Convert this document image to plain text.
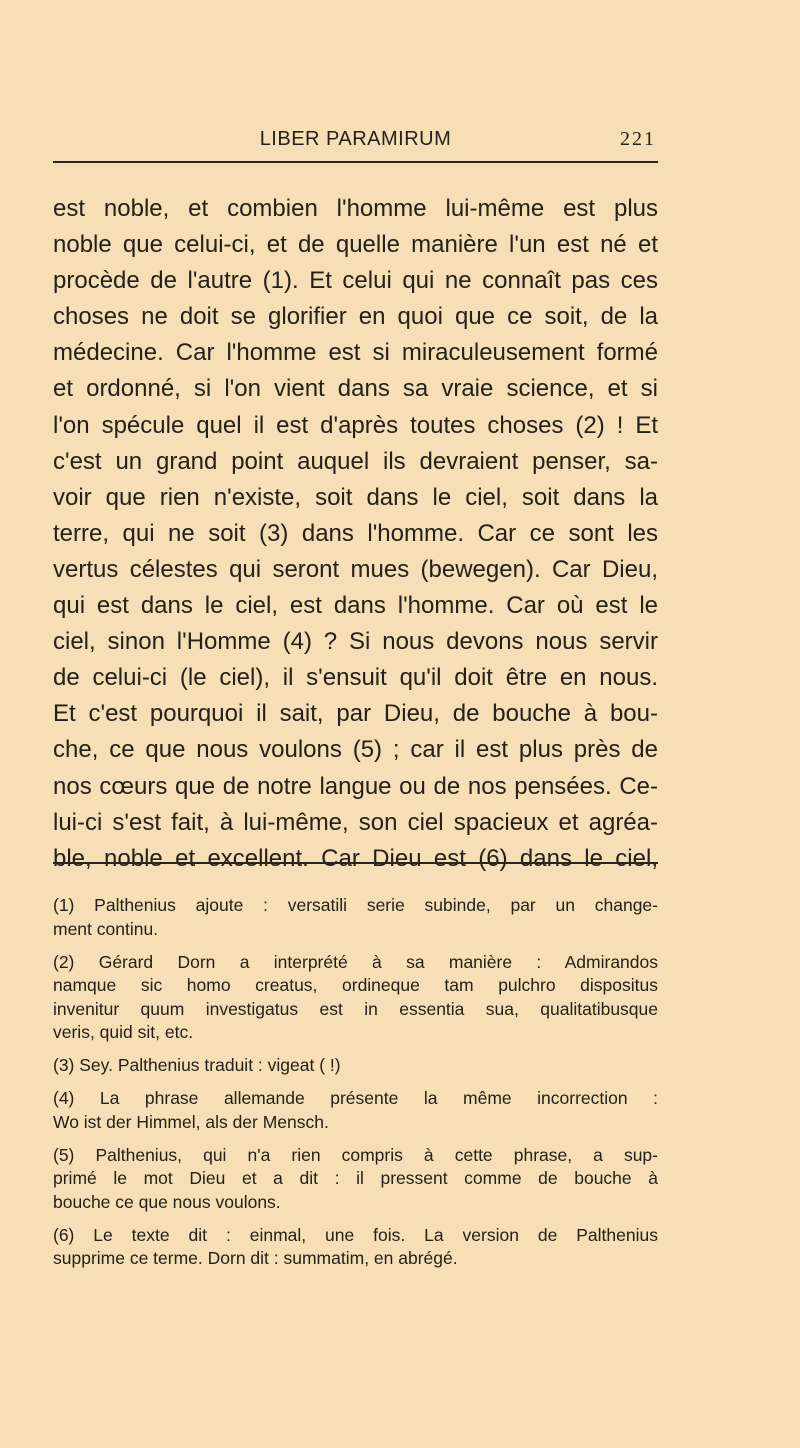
LIBER PARAMIRUM	221
est noble, et combien l'homme lui-même est plus
noble que celui-ci, et de quelle manière l'un est né et
procède de l'autre (1). Et celui qui ne connaît pas ces
choses ne doit se glorifier en quoi que ce soit, de la
médecine. Car l'homme est si miraculeusement formé
et ordonné, si l'on vient dans sa vraie science, et si
l'on spécule quel il est d'après toutes choses (2) ! Et
c'est un grand point auquel ils devraient penser, sa-
voir que rien n'existe, soit dans le ciel, soit dans la
terre, qui ne soit (3) dans l'homme. Car ce sont les
vertus célestes qui seront mues (bewegen). Car Dieu,
qui est dans le ciel, est dans l'homme. Car où est le
ciel, sinon l'Homme (4) ? Si nous devons nous servir
de celui-ci (le ciel), il s'ensuit qu'il doit être en nous.
Et c'est pourquoi il sait, par Dieu, de bouche à bou-
che, ce que nous voulons (5) ; car il est plus près de
nos cœurs que de notre langue ou de nos pensées. Ce-
lui-ci s'est fait, à lui-même, son ciel spacieux et agréa-
ble, noble et excellent. Car Dieu est (6) dans le ciel,
(1) Palthenius ajoute : versatili serie subinde, par un change-
ment continu.
(2) Gérard Dorn a interprété à sa manière : Admirandos
namque sic homo creatus, ordineque tam pulchro dispositus
invenitur quum investigatus est in essentia sua, qualitatibusque
veris, quid sit, etc.
(3) Sey. Palthenius traduit : vigeat ( !)
(4) La phrase allemande présente la même incorrection :
Wo ist der Himmel, als der Mensch.
(5) Palthenius, qui n'a rien compris à cette phrase, a sup-
primé le mot Dieu et a dit : il pressent comme de bouche à
bouche ce que nous voulons.
(6) Le texte dit : einmal, une fois. La version de Palthenius
supprime ce terme. Dorn dit : summatim, en abrégé.
